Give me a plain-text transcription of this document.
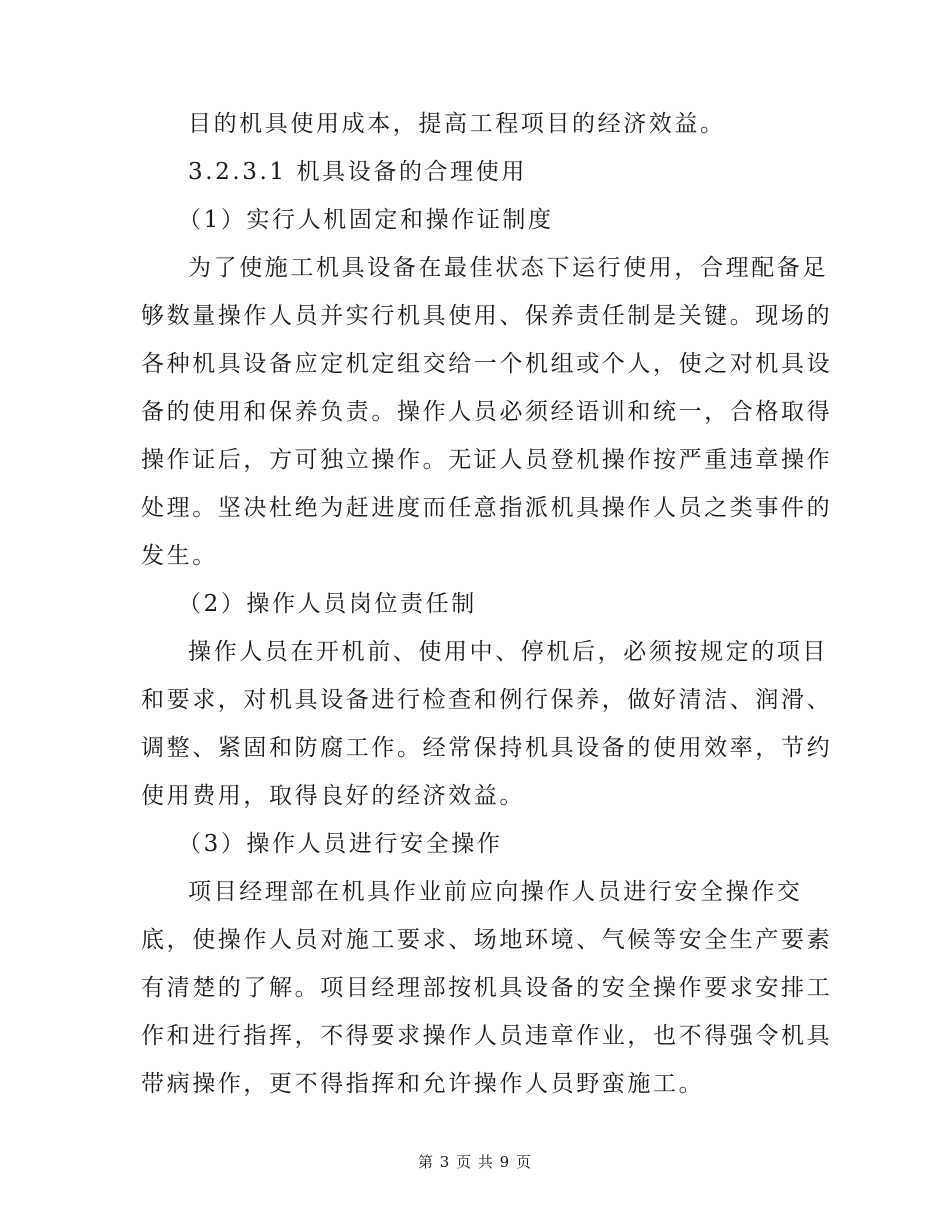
目的机具使用成本，提高工程项目的经济效益。
3.2.3.1 机具设备的合理使用
（1）实行人机固定和操作证制度
为了使施工机具设备在最佳状态下运行使用，合理配备足
够数量操作人员并实行机具使用、保养责任制是关键。现场的
各种机具设备应定机定组交给一个机组或个人，使之对机具设
备的使用和保养负责。操作人员必须经语训和统一，合格取得
操作证后，方可独立操作。无证人员登机操作按严重违章操作
处理。坚决杜绝为赶进度而任意指派机具操作人员之类事件的
发生。
（2）操作人员岗位责任制
操作人员在开机前、使用中、停机后，必须按规定的项目
和要求，对机具设备进行检查和例行保养，做好清洁、润滑、
调整、紧固和防腐工作。经常保持机具设备的使用效率，节约
使用费用，取得良好的经济效益。
（3）操作人员进行安全操作
项目经理部在机具作业前应向操作人员进行安全操作交
底，使操作人员对施工要求、场地环境、气候等安全生产要素
有清楚的了解。项目经理部按机具设备的安全操作要求安排工
作和进行指挥，不得要求操作人员违章作业，也不得强令机具
带病操作，更不得指挥和允许操作人员野蛮施工。
第 3 页 共 9 页
